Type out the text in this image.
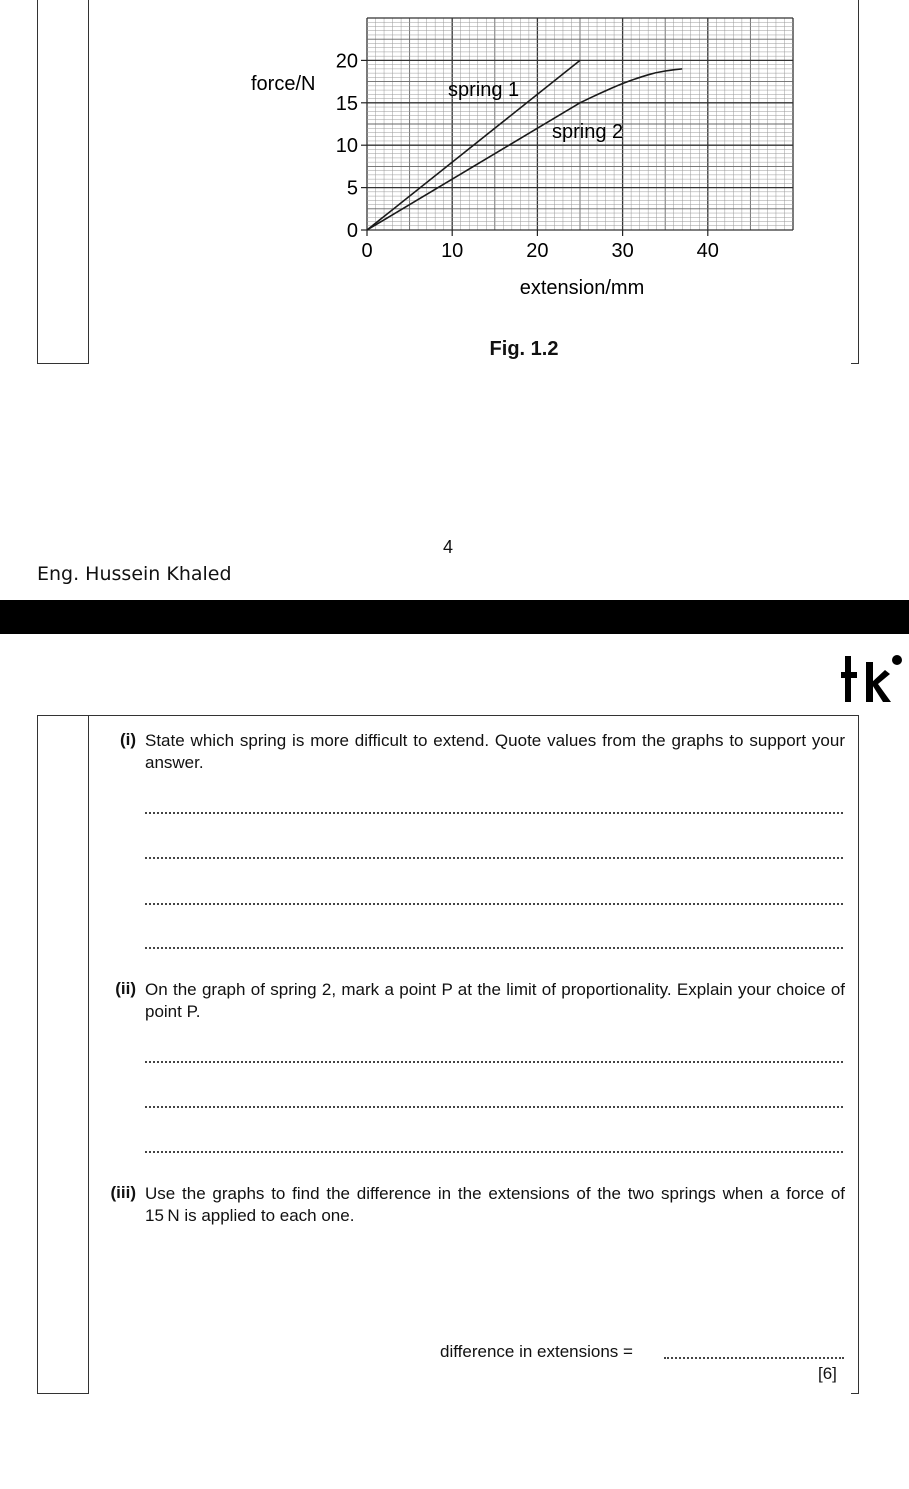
0	10	20	30	40
0
5
10
15
20
force/N
extension/mm
spring 1
spring 2
Fig. 1.2
4
Eng. Hussein Khaled
(i) State which spring is more difficult to extend. Quote values from the graphs to support your answer.
(ii) On the graph of spring 2, mark a point P at the limit of proportionality. Explain your choice of point P.
(iii) Use the graphs to find the difference in the extensions of the two springs when a force of 15 N is applied to each one.
difference in extensions =
[6]
